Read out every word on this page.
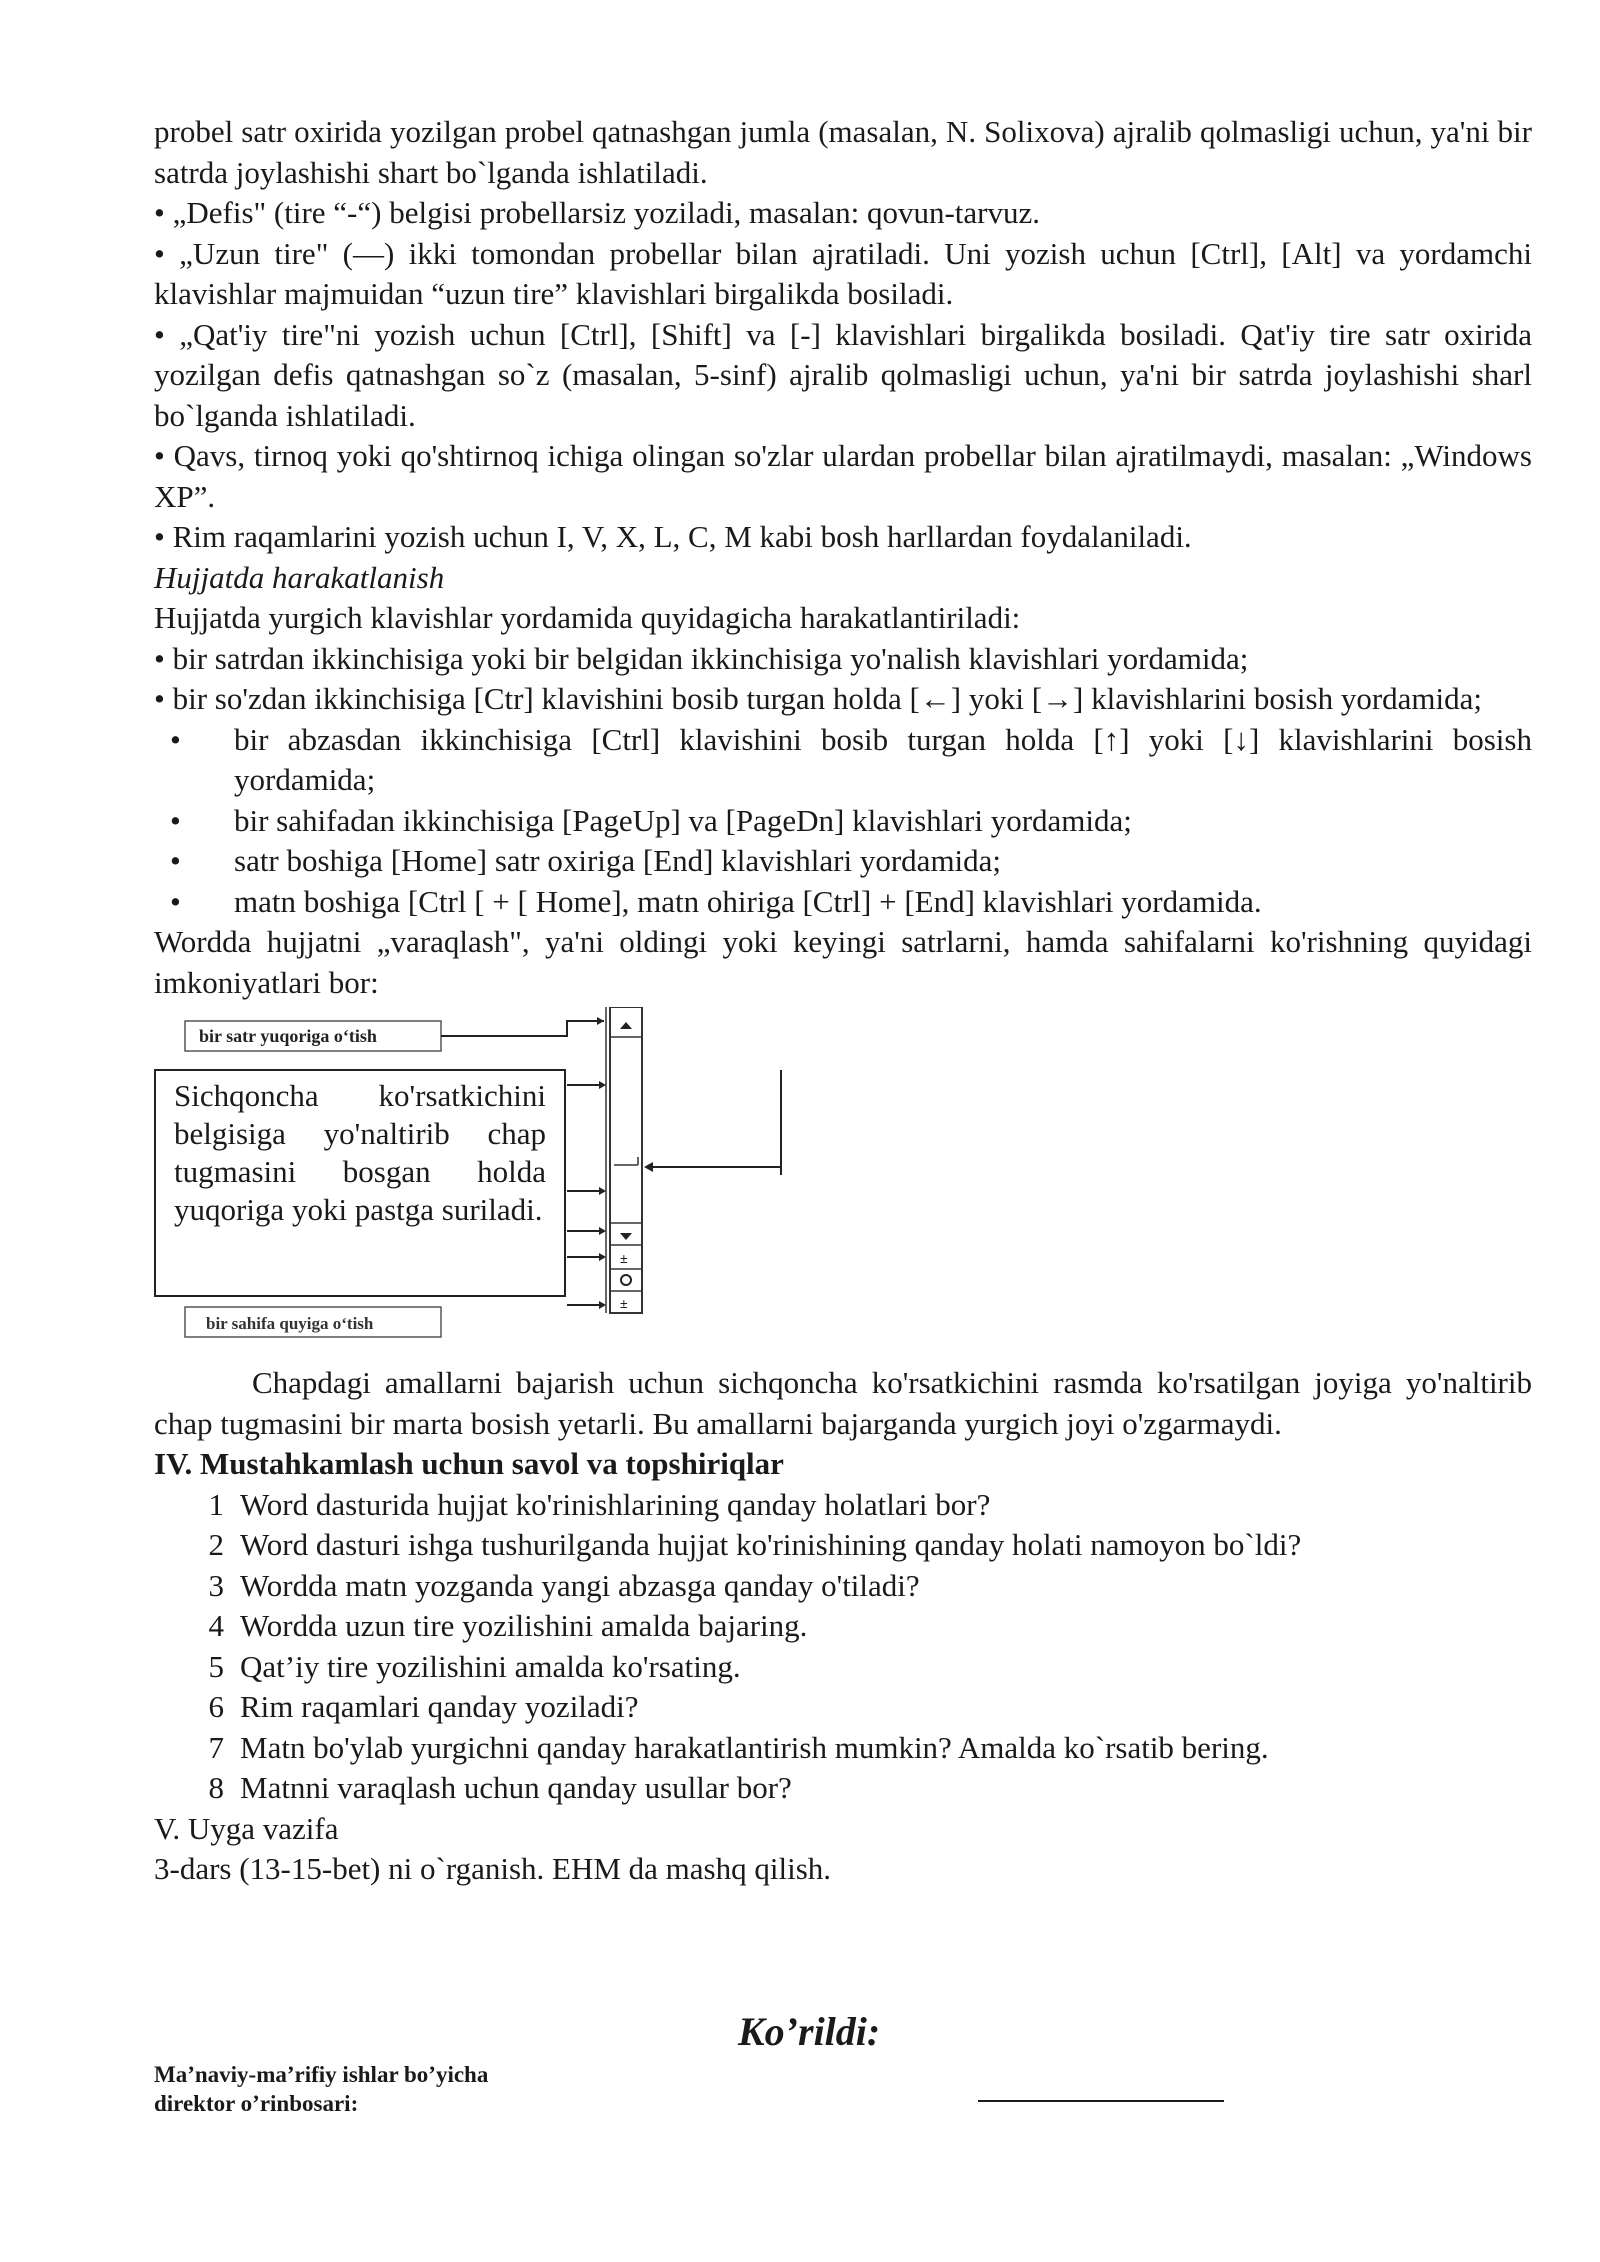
probel satr oxirida yozilgan probel qatnashgan jumla (masalan, N. Solixova) ajralib qolmasligi uchun, ya'ni bir satrda joylashishi shart bo`lganda ishlatiladi.

• „Defis" (tire “-“) belgisi probellarsiz yoziladi, masalan: qovun-tarvuz.

• „Uzun tire" (—) ikki tomondan probellar bilan ajratiladi. Uni yozish uchun [Ctrl], [Alt] va yordamchi klavishlar majmuidan “uzun tire” klavishlari birgalikda bosiladi.

• „Qat'iy tire"ni yozish uchun [Ctrl], [Shift] va [-] klavishlari birgalikda bosiladi. Qat'iy tire satr oxirida yozilgan defis qatnashgan so`z (masalan, 5-sinf) ajralib qolmasligi uchun, ya'ni bir satrda joylashishi sharl bo`lganda ishlatiladi.

• Qavs, tirnoq yoki qo'shtirnoq ichiga olingan so'zlar ulardan probellar bilan ajratilmaydi, masalan: „Windows XP”.

• Rim raqamlarini yozish uchun I, V, X, L, C, M kabi bosh harllardan foydalaniladi.

Hujjatda harakatlanish

Hujjatda yurgich klavishlar yordamida quyidagicha harakatlantiriladi:

• bir satrdan ikkinchisiga yoki bir belgidan ikkinchisiga yo'nalish klavishlari yordamida;

• bir so'zdan ikkinchisiga [Ctr] klavishini bosib turgan holda [←] yoki [→] klavishlarini bosish yordamida;

•	bir abzasdan ikkinchisiga [Ctrl] klavishini bosib turgan holda [↑] yoki [↓] klavishlarini bosish yordamida;
•	bir sahifadan ikkinchisiga [PageUp] va [PageDn] klavishlari yordamida;
•	satr boshiga [Home] satr oxiriga [End] klavishlari yordamida;
•	matn boshiga [Ctrl [ + [ Home], matn ohiriga [Ctrl] + [End] klavishlari yordamida.

Wordda hujjatni „varaqlash", ya'ni oldingi yoki keyingi satrlarni, hamda sahifalarni ko'rishning quyidagi imkoniyatlari bor:

bir satr yuqoriga o‘tish
bir sahifa quyiga o‘tish
±
±
Sichqoncha ko'rsatkichini belgisiga yo'naltirib chap tugmasini bosgan holda yuqoriga yoki pastga suriladi.

Chapdagi amallarni bajarish uchun sichqoncha ko'rsatkichini rasmda ko'rsatilgan joyiga yo'naltirib chap tugmasini bir marta bosish yetarli. Bu amallarni bajarganda yurgich joyi o'zgarmaydi.

IV. Mustahkamlash uchun savol va topshiriqlar
1 Word dasturida hujjat ko'rinishlarining qanday holatlari bor?
2 Word dasturi ishga tushurilganda hujjat ko'rinishining qanday holati namoyon bo`ldi?
3 Wordda matn yozganda yangi abzasga qanday o'tiladi?
4 Wordda uzun tire yozilishini amalda bajaring.
5 Qat’iy tire yozilishini amalda ko'rsating.
6 Rim raqamlari qanday yoziladi?
7 Matn bo'ylab yurgichni qanday harakatlantirish mumkin? Amalda ko`rsatib bering.
8 Matnni varaqlash uchun qanday usullar bor?

V. Uyga vazifa

3-dars (13-15-bet) ni o`rganish. EHM da mashq qilish.

Ko’rildi:
Ma’naviy-ma’rifiy ishlar bo’yicha
direktor o’rinbosari:
